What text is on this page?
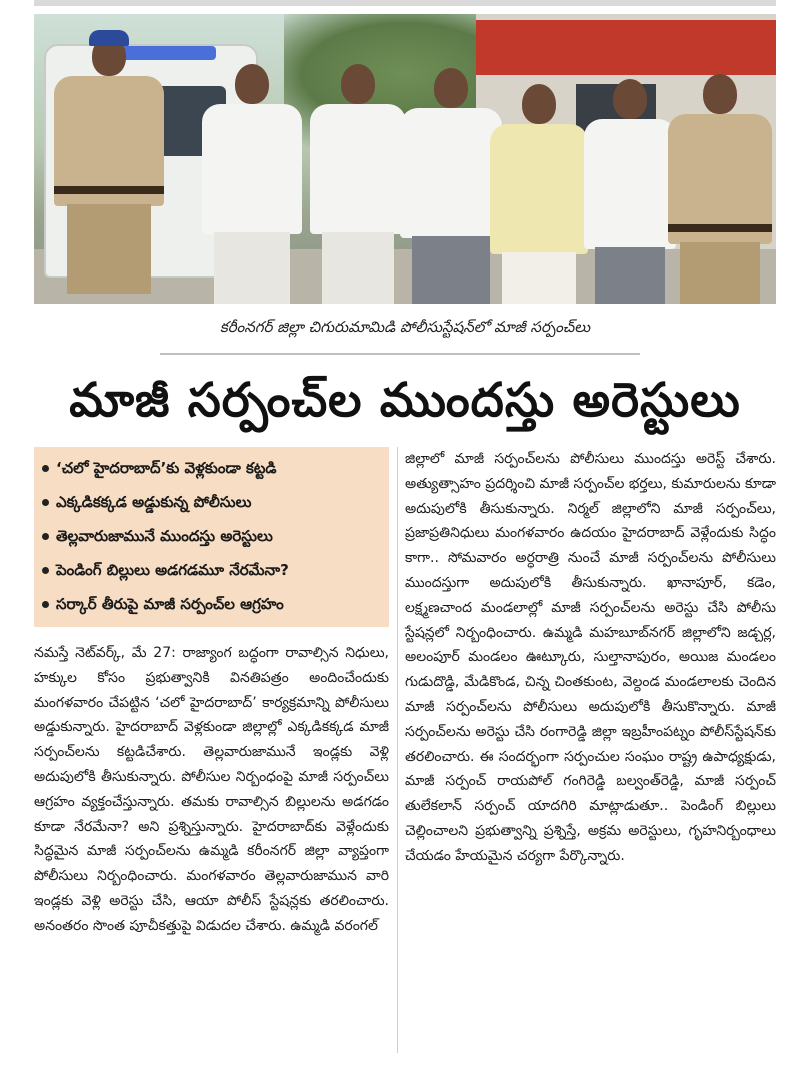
కరీంనగర్ జిల్లా చిగురుమామిడి పోలీసుస్టేషన్‌లో మాజీ సర్పంచ్‌లు
మాజీ సర్పంచ్‌ల ముందస్తు అరెస్టులు
‘చలో హైదరాబాద్’కు వెళ్లకుండా కట్టడి
ఎక్కడికక్కడ అడ్డుకున్న పోలీసులు
తెల్లవారుజామునే ముందస్తు అరెస్టులు
పెండింగ్ బిల్లులు అడగడమూ నేరమేనా?
సర్కార్ తీరుపై మాజీ సర్పంచ్‌ల ఆగ్రహం

నమస్తే నెట్‌వర్క్, మే 27: రాజ్యాంగ బద్ధంగా రావాల్సిన నిధులు, హక్కుల కోసం ప్రభుత్వానికి వినతిపత్రం అందించేందుకు మంగళవారం చేపట్టిన ‘చలో హైదరాబాద్’ కార్యక్రమాన్ని పోలీసులు అడ్డుకున్నారు. హైదరాబాద్ వెళ్లకుండా జిల్లాల్లో ఎక్కడికక్కడ మాజీ సర్పంచ్‌లను కట్టడిచేశారు. తెల్లవారుజామునే ఇండ్లకు వెళ్లి అదుపులోకి తీసుకున్నారు. పోలీసుల నిర్బంధంపై మాజీ సర్పంచ్‌లు ఆగ్రహం వ్యక్తంచేస్తున్నారు. తమకు రావాల్సిన బిల్లులను అడగడం కూడా నేరమేనా? అని ప్రశ్నిస్తున్నారు. హైదరాబాద్‌కు వెళ్లేందుకు సిద్ధమైన మాజీ సర్పంచ్‌లను ఉమ్మడి కరీంనగర్ జిల్లా వ్యాప్తంగా పోలీసులు నిర్బంధించారు. మంగళవారం తెల్లవారుజామున వారి ఇండ్లకు వెళ్లి అరెస్టు చేసి, ఆయా పోలీస్ స్టేషన్లకు తరలించారు. అనంతరం సొంత పూచీకత్తుపై విడుదల చేశారు. ఉమ్మడి వరంగల్

జిల్లాలో మాజీ సర్పంచ్‌లను పోలీసులు ముందస్తు అరెస్ట్ చేశారు. అత్యుత్సాహం ప్రదర్శించి మాజీ సర్పంచ్‌ల భర్తలు, కుమారులను కూడా అదుపులోకి తీసుకున్నారు. నిర్మల్ జిల్లాలోని మాజీ సర్పంచ్‌లు, ప్రజాప్రతినిధులు మంగళవారం ఉదయం హైదరాబాద్ వెళ్లేందుకు సిద్ధం కాగా.. సోమవారం అర్ధరాత్రి నుంచే మాజీ సర్పంచ్‌లను పోలీసులు ముందస్తుగా అదుపులోకి తీసుకున్నారు. ఖానాపూర్, కడెం, లక్ష్మణచాంద మండలాల్లో మాజీ సర్పంచ్‌లను అరెస్టు చేసి పోలీసు స్టేషన్లలో నిర్బంధించారు. ఉమ్మడి మహబూబ్‌నగర్ జిల్లాలోని జడ్చర్ల, అలంపూర్ మండలం ఊట్కూరు, సుల్తానాపురం, అయిజ మండలం గుడుదొడ్డి, మేడికొండ, చిన్న చింతకుంట, వెల్దండ మండలాలకు చెందిన మాజీ సర్పంచ్‌లను పోలీసులు అదుపులోకి తీసుకొన్నారు. మాజీ సర్పంచ్‌లను అరెస్టు చేసి రంగారెడ్డి జిల్లా ఇబ్రహీంపట్నం పోలీస్‌స్టేషన్‌కు తరలించారు. ఈ సందర్భంగా సర్పంచుల సంఘం రాష్ట్ర ఉపాధ్యక్షుడు, మాజీ సర్పంచ్ రాయపోల్ గంగిరెడ్డి బల్వంత్‌రెడ్డి, మాజీ సర్పంచ్ తులేకలాన్ సర్పంచ్ యాదగిరి మాట్లాడుతూ.. పెండింగ్ బిల్లులు చెల్లించాలని ప్రభుత్వాన్ని ప్రశ్నిస్తే, అక్రమ అరెస్టులు, గృహనిర్బంధాలు చేయడం హేయమైన చర్యగా పేర్కొన్నారు.
